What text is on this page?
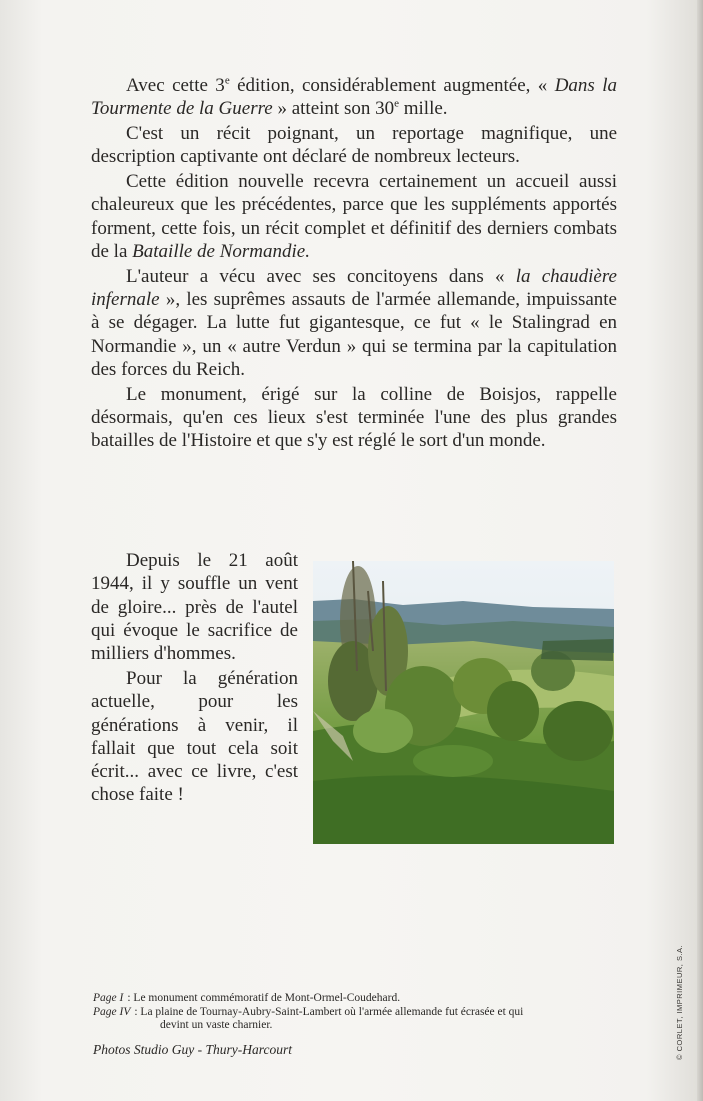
Avec cette 3e édition, considérablement augmentée, « Dans la Tourmente de la Guerre » atteint son 30e mille.

C'est un récit poignant, un reportage magnifique, une description captivante ont déclaré de nombreux lecteurs.

Cette édition nouvelle recevra certainement un accueil aussi chaleureux que les précédentes, parce que les suppléments apportés forment, cette fois, un récit complet et définitif des derniers combats de la Bataille de Normandie.

L'auteur a vécu avec ses concitoyens dans « la chaudière infernale », les suprêmes assauts de l'armée allemande, impuissante à se dégager. La lutte fut gigantesque, ce fut « le Stalingrad en Normandie », un « autre Verdun » qui se termina par la capitulation des forces du Reich.

Le monument, érigé sur la colline de Boisjos, rappelle désormais, qu'en ces lieux s'est terminée l'une des plus grandes batailles de l'Histoire et que s'y est réglé le sort d'un monde.

Depuis le 21 août 1944, il y souffle un vent de gloire... près de l'autel qui évoque le sacrifice de milliers d'hommes.

Pour la génération actuelle, pour les générations à venir, il fallait que tout cela soit écrit... avec ce livre, c'est chose faite !

Page I : Le monument commémoratif de Mont-Ormel-Coudehard.
Page IV : La plaine de Tournay-Aubry-Saint-Lambert où l'armée allemande fut écrasée et qui
devint un vaste charnier.
Photos Studio Guy - Thury-Harcourt	© CORLET, IMPRIMEUR, S.A.
